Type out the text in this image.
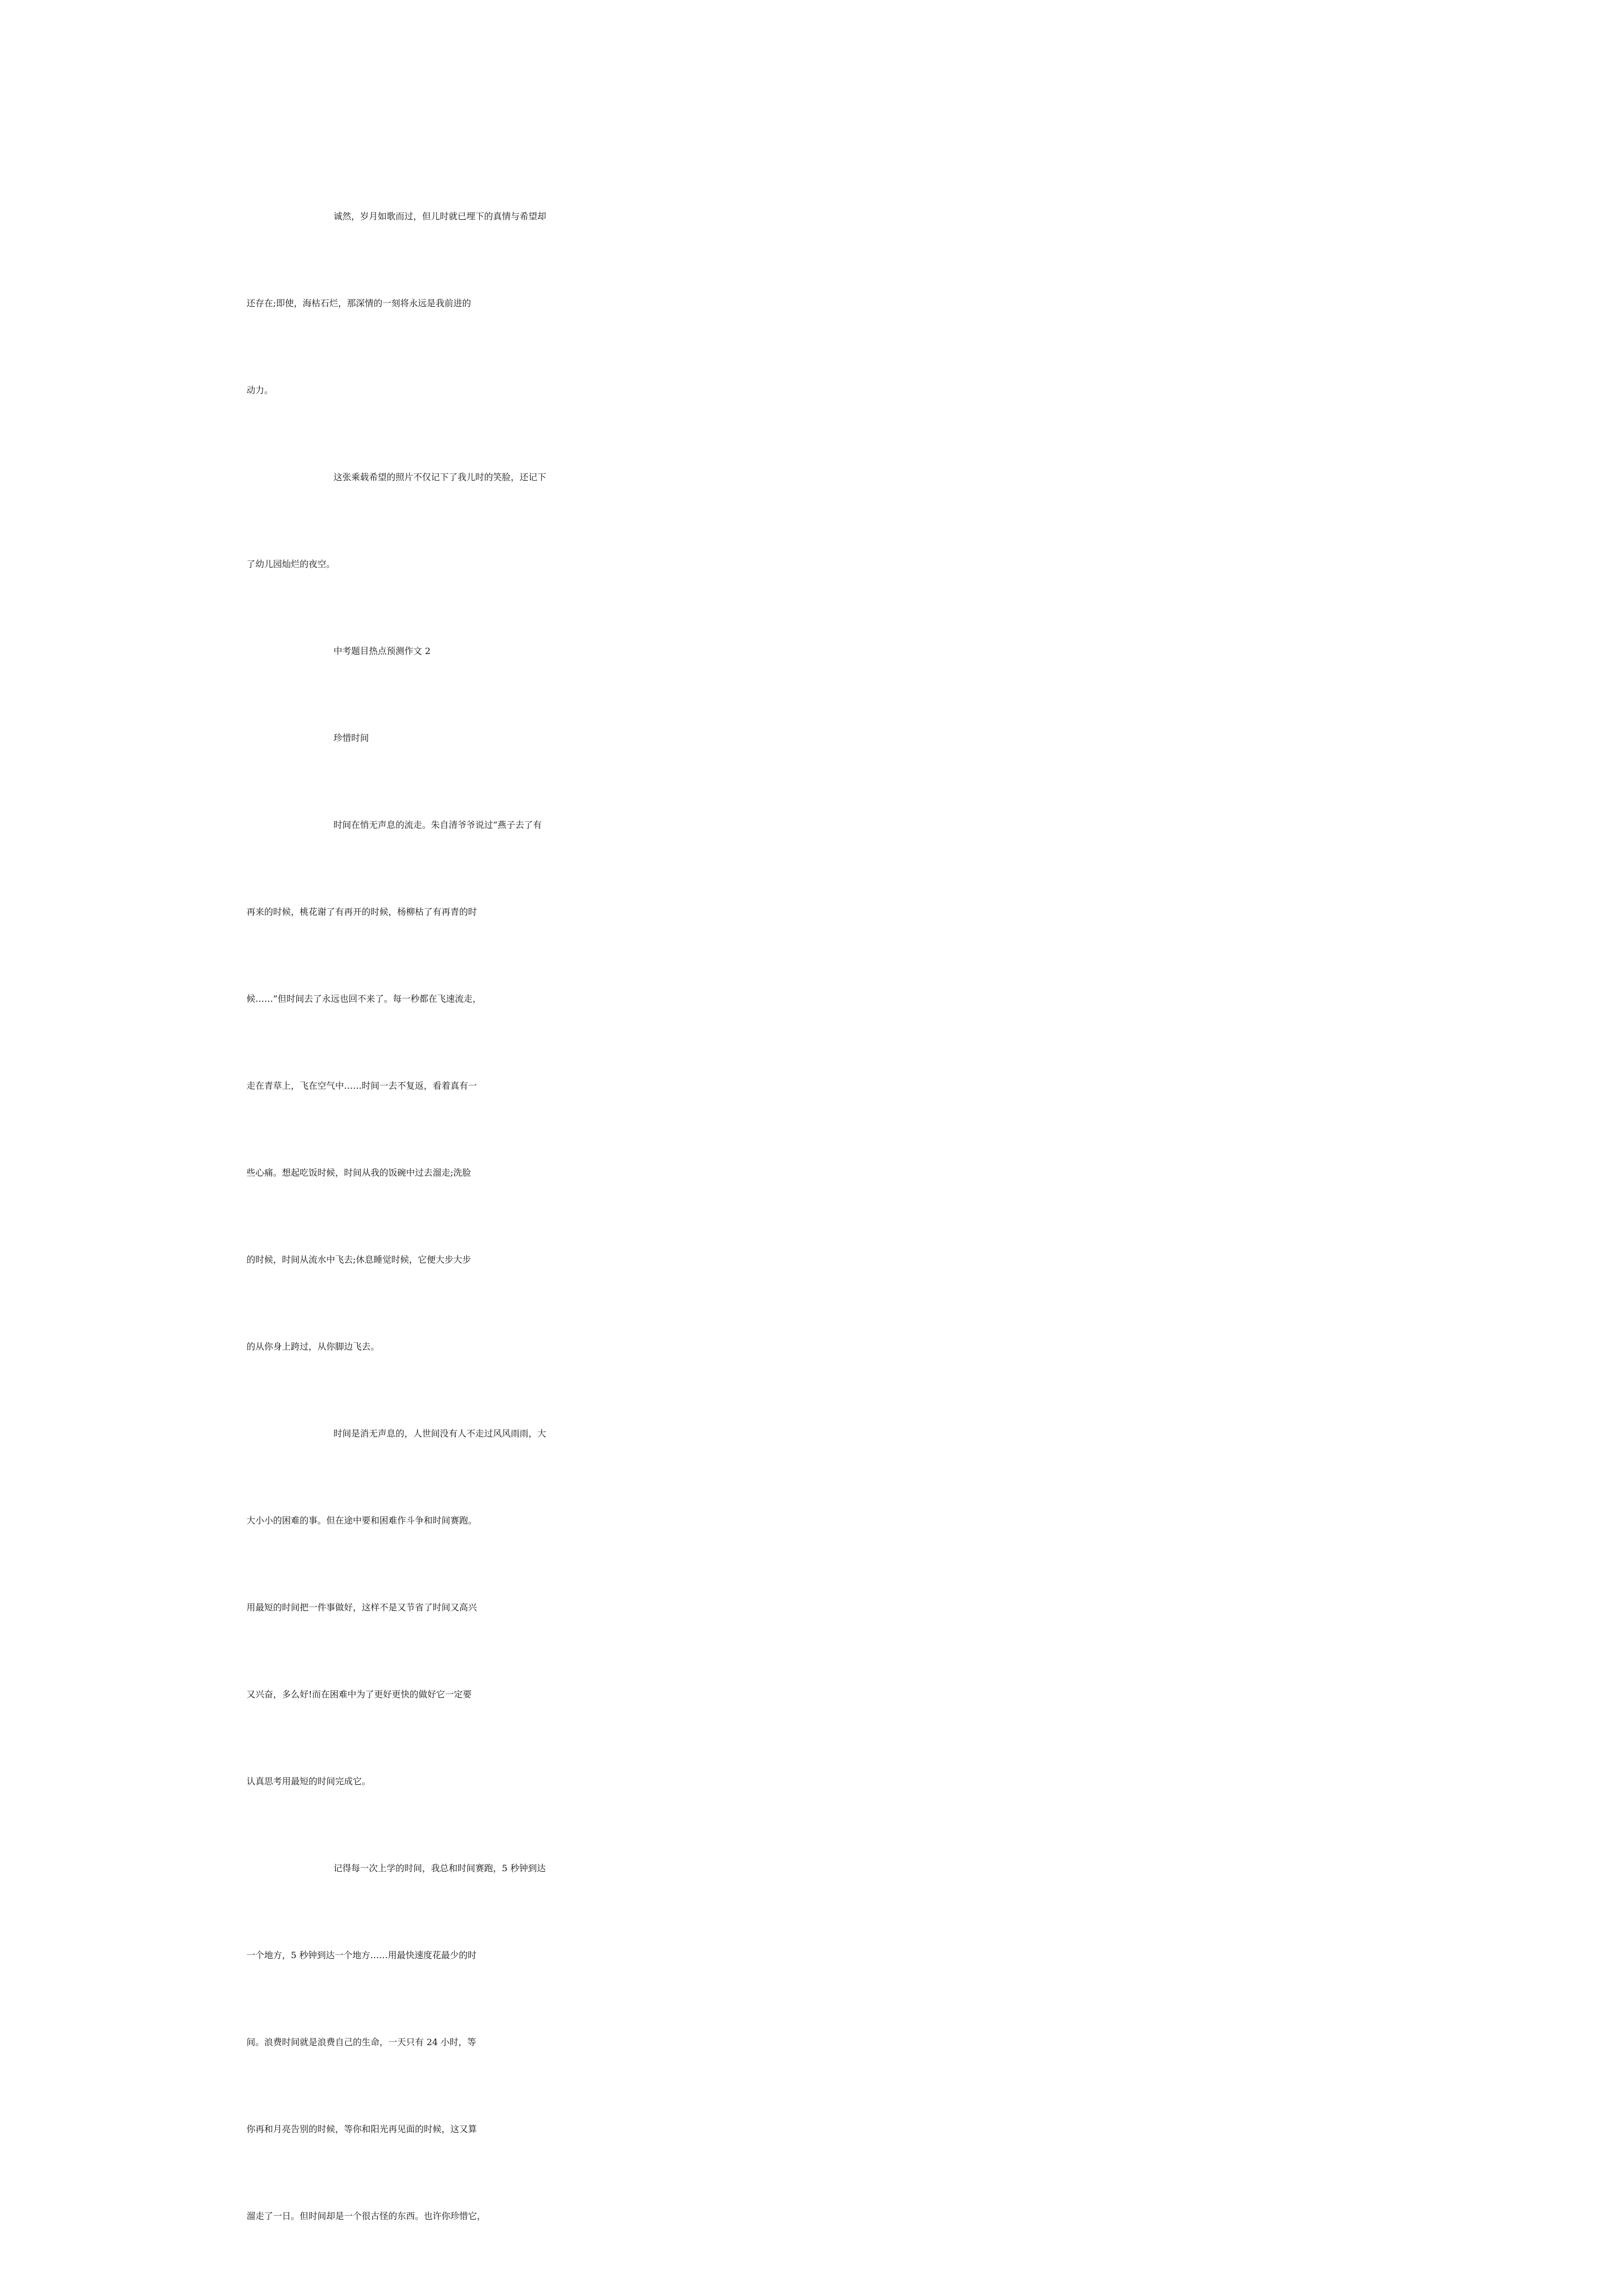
诚然，岁月如歌而过，但儿时就已埋下的真情与希望却
还存在;即使，海枯石烂，那深情的一刻将永远是我前进的
动力。
这张乘载希望的照片不仅记下了我儿时的笑脸，还记下
了幼儿园灿烂的夜空。
中考题目热点预测作文 2
珍惜时间
时间在悄无声息的流走。朱自清爷爷说过“燕子去了有
再来的时候，桃花谢了有再开的时候，杨柳枯了有再青的时
候……”但时间去了永远也回不来了。每一秒都在飞速流走，
走在青草上，飞在空气中……时间一去不复返，看着真有一
些心痛。想起吃饭时候，时间从我的饭碗中过去溜走;洗脸
的时候，时间从流水中飞去;休息睡觉时候，它便大步大步
的从你身上跨过，从你脚边飞去。
时间是消无声息的，人世间没有人不走过风风雨雨，大
大小小的困难的事。但在途中要和困难作斗争和时间赛跑。
用最短的时间把一件事做好，这样不是又节省了时间又高兴
又兴奋，多么好!而在困难中为了更好更快的做好它一定要
认真思考用最短的时间完成它。
记得每一次上学的时间，我总和时间赛跑，5 秒钟到达
一个地方，5 秒钟到达一个地方……用最快速度花最少的时
间。浪费时间就是浪费自己的生命，一天只有 24 小时，等
你再和月亮告别的时候，等你和阳光再见面的时候，这又算
溜走了一日。但时间却是一个很古怪的东西。也许你珍惜它，
